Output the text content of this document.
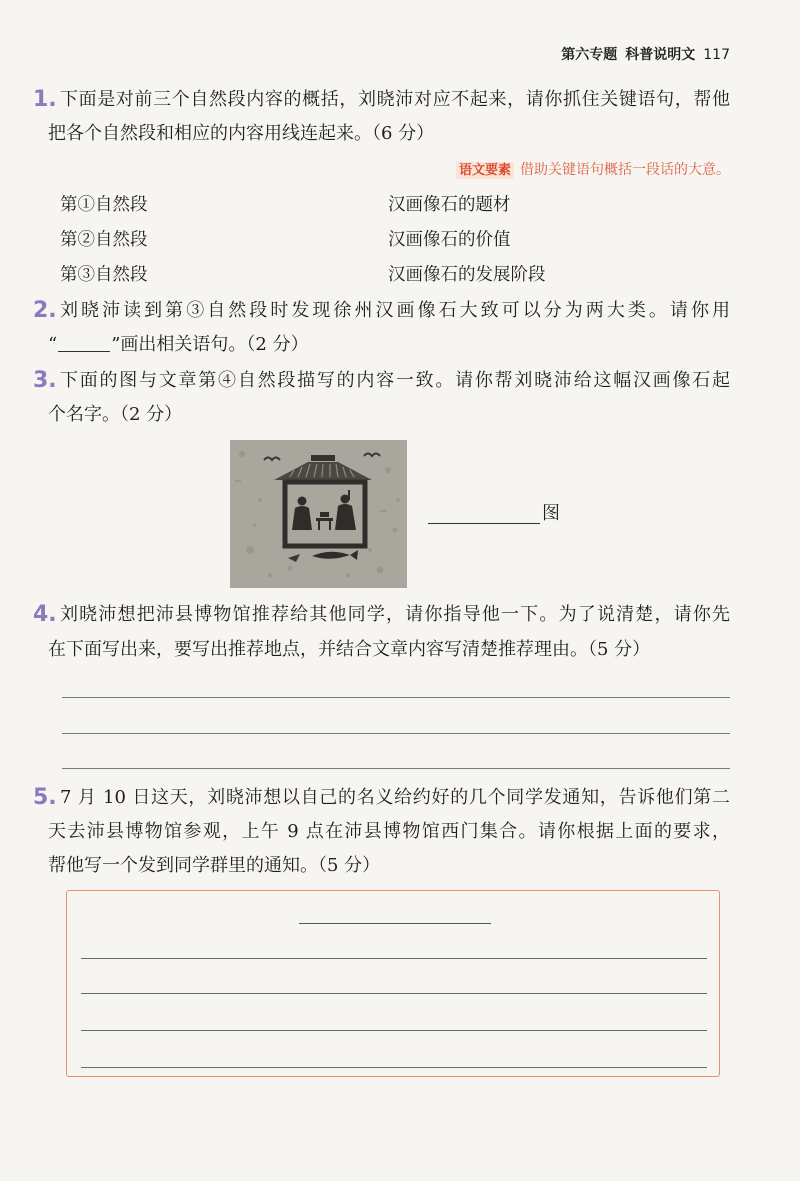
第六专题 科普说明文 117
1. 下面是对前三个自然段内容的概括，刘晓沛对应不起来，请你抓住关键语句，帮他
把各个自然段和相应的内容用线连起来。（6 分）
语文要素 借助关键语句概括一段话的大意。
第①自然段
第②自然段
第③自然段
汉画像石的题材
汉画像石的价值
汉画像石的发展阶段
2. 刘晓沛读到第③自然段时发现徐州汉画像石大致可以分为两大类。请你用
“	”画出相关语句。（2 分）
3. 下面的图与文章第④自然段描写的内容一致。请你帮刘晓沛给这幅汉画像石起
个名字。（2 分）
图
4. 刘晓沛想把沛县博物馆推荐给其他同学，请你指导他一下。为了说清楚，请你先
在下面写出来，要写出推荐地点，并结合文章内容写清楚推荐理由。（5 分）
5. 7 月 10 日这天，刘晓沛想以自己的名义给约好的几个同学发通知，告诉他们第二
天去沛县博物馆参观，上午 9 点在沛县博物馆西门集合。请你根据上面的要求，
帮他写一个发到同学群里的通知。（5 分）
